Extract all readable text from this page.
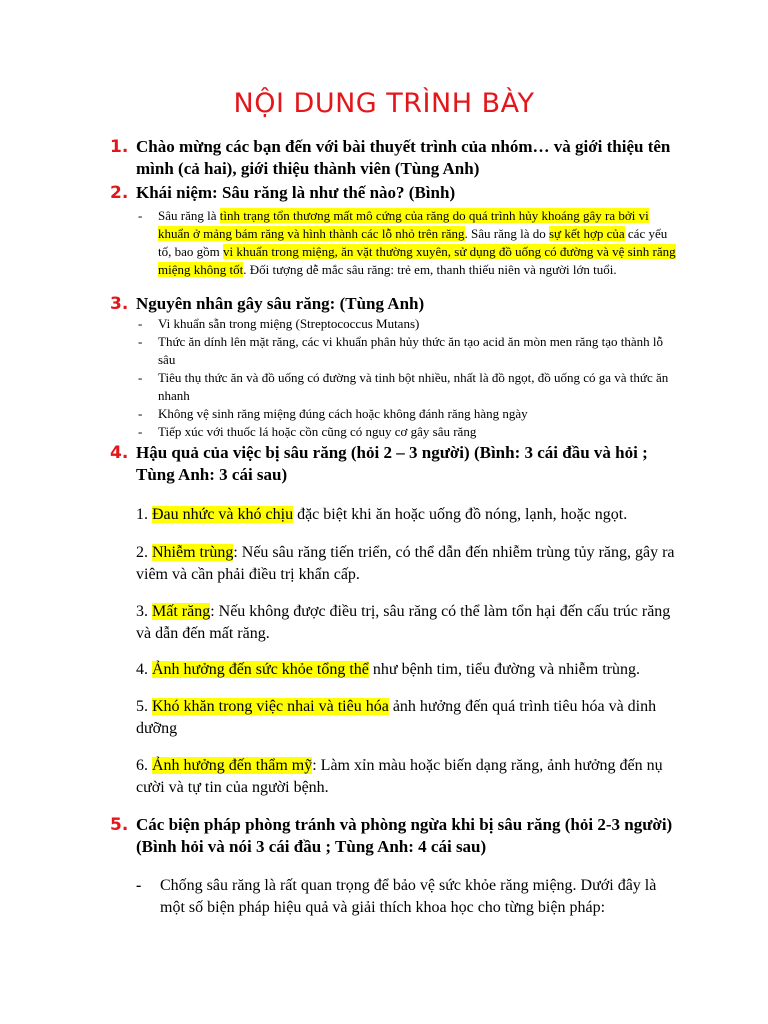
NỘI DUNG TRÌNH BÀY
1. Chào mừng các bạn đến với bài thuyết trình của nhóm… và giới thiệu tên mình (cả hai), giới thiệu thành viên (Tùng Anh)
2. Khái niệm: Sâu răng là như thế nào? (Bình)
- Sâu răng là tình trạng tổn thương mất mô cứng của răng do quá trình hủy khoáng gây ra bởi vi khuẩn ở mảng bám răng và hình thành các lỗ nhỏ trên răng. Sâu răng là do sự kết hợp của các yếu tố, bao gồm vi khuẩn trong miệng, ăn vặt thường xuyên, sử dụng đồ uống có đường và vệ sinh răng miệng không tốt. Đối tượng dễ mắc sâu răng: trẻ em, thanh thiếu niên và người lớn tuổi.
3. Nguyên nhân gây sâu răng: (Tùng Anh)
- Vi khuẩn sẵn trong miệng (Streptococcus Mutans)
- Thức ăn dính lên mặt răng, các vi khuẩn phân hủy thức ăn tạo acid ăn mòn men răng tạo thành lỗ sâu
- Tiêu thụ thức ăn và đồ uống có đường và tinh bột nhiều, nhất là đồ ngọt, đồ uống có ga và thức ăn nhanh
- Không vệ sinh răng miệng đúng cách hoặc không đánh răng hàng ngày
- Tiếp xúc với thuốc lá hoặc cồn cũng có nguy cơ gây sâu răng
4. Hậu quả của việc bị sâu răng (hỏi 2 – 3 người) (Bình: 3 cái đầu và hỏi ; Tùng Anh: 3 cái sau)
1. Đau nhức và khó chịu đặc biệt khi ăn hoặc uống đồ nóng, lạnh, hoặc ngọt.
2. Nhiễm trùng: Nếu sâu răng tiến triển, có thể dẫn đến nhiễm trùng tủy răng, gây ra viêm và cần phải điều trị khẩn cấp.
3. Mất răng: Nếu không được điều trị, sâu răng có thể làm tổn hại đến cấu trúc răng và dẫn đến mất răng.
4. Ảnh hưởng đến sức khỏe tổng thể như bệnh tim, tiểu đường và nhiễm trùng.
5. Khó khăn trong việc nhai và tiêu hóa ảnh hưởng đến quá trình tiêu hóa và dinh dưỡng
6. Ảnh hưởng đến thẩm mỹ: Làm xỉn màu hoặc biến dạng răng, ảnh hưởng đến nụ cười và tự tin của người bệnh.
5. Các biện pháp phòng tránh và phòng ngừa khi bị sâu răng (hỏi 2-3 người) (Bình hỏi và nói 3 cái đầu ; Tùng Anh: 4 cái sau)
- Chống sâu răng là rất quan trọng để bảo vệ sức khỏe răng miệng. Dưới đây là một số biện pháp hiệu quả và giải thích khoa học cho từng biện pháp:
